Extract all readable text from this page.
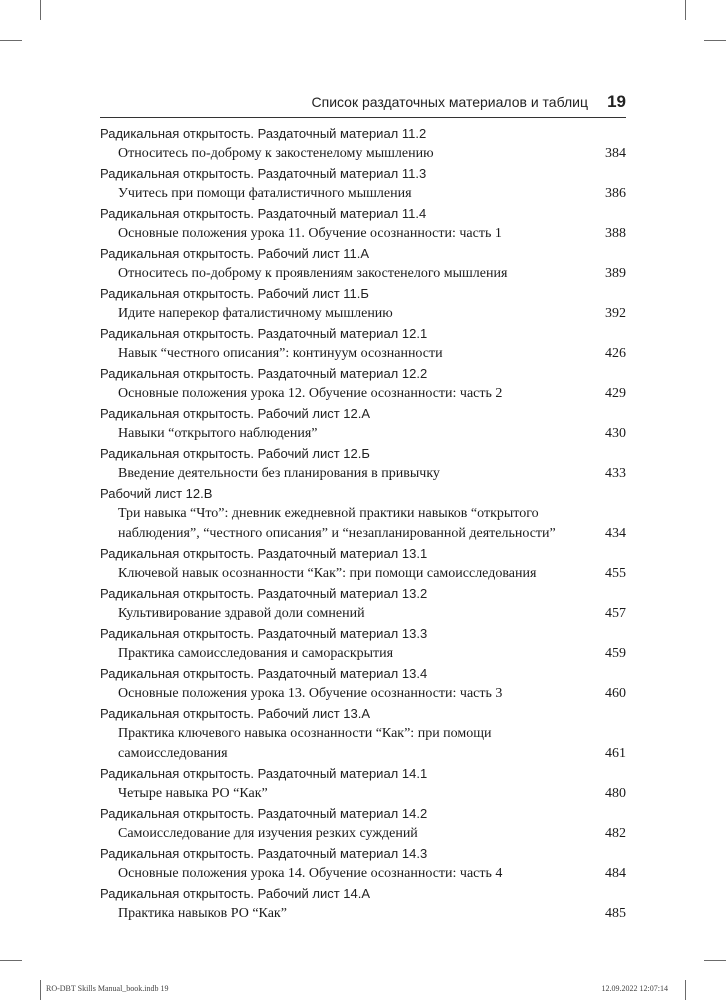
Список раздаточных материалов и таблиц 19
Радикальная открытость. Раздаточный материал 11.2
Относитесь по-доброму к закостенелому мышлению	384
Радикальная открытость. Раздаточный материал 11.3
Учитесь при помощи фаталистичного мышления	386
Радикальная открытость. Раздаточный материал 11.4
Основные положения урока 11. Обучение осознанности: часть 1	388
Радикальная открытость. Рабочий лист 11.А
Относитесь по-доброму к проявлениям закостенелого мышления	389
Радикальная открытость. Рабочий лист 11.Б
Идите наперекор фаталистичному мышлению	392
Радикальная открытость. Раздаточный материал 12.1
Навык “честного описания”: континуум осознанности	426
Радикальная открытость. Раздаточный материал 12.2
Основные положения урока 12. Обучение осознанности: часть 2	429
Радикальная открытость. Рабочий лист 12.А
Навыки “открытого наблюдения”	430
Радикальная открытость. Рабочий лист 12.Б
Введение деятельности без планирования в привычку	433
Рабочий лист 12.В
Три навыка “Что”: дневник ежедневной практики навыков “открытого наблюдения”, “честного описания” и “незапланированной деятельности”	434
Радикальная открытость. Раздаточный материал 13.1
Ключевой навык осознанности “Как”: при помощи самоисследования	455
Радикальная открытость. Раздаточный материал 13.2
Культивирование здравой доли сомнений	457
Радикальная открытость. Раздаточный материал 13.3
Практика самоисследования и самораскрытия	459
Радикальная открытость. Раздаточный материал 13.4
Основные положения урока 13. Обучение осознанности: часть 3	460
Радикальная открытость. Рабочий лист 13.А
Практика ключевого навыка осознанности “Как”: при помощи самоисследования	461
Радикальная открытость. Раздаточный материал 14.1
Четыре навыка РО “Как”	480
Радикальная открытость. Раздаточный материал 14.2
Самоисследование для изучения резких суждений	482
Радикальная открытость. Раздаточный материал 14.3
Основные положения урока 14. Обучение осознанности: часть 4	484
Радикальная открытость. Рабочий лист 14.А
Практика навыков РО “Как”	485
RO-DBT Skills Manual_book.indb 19	12.09.2022 12:07:14
